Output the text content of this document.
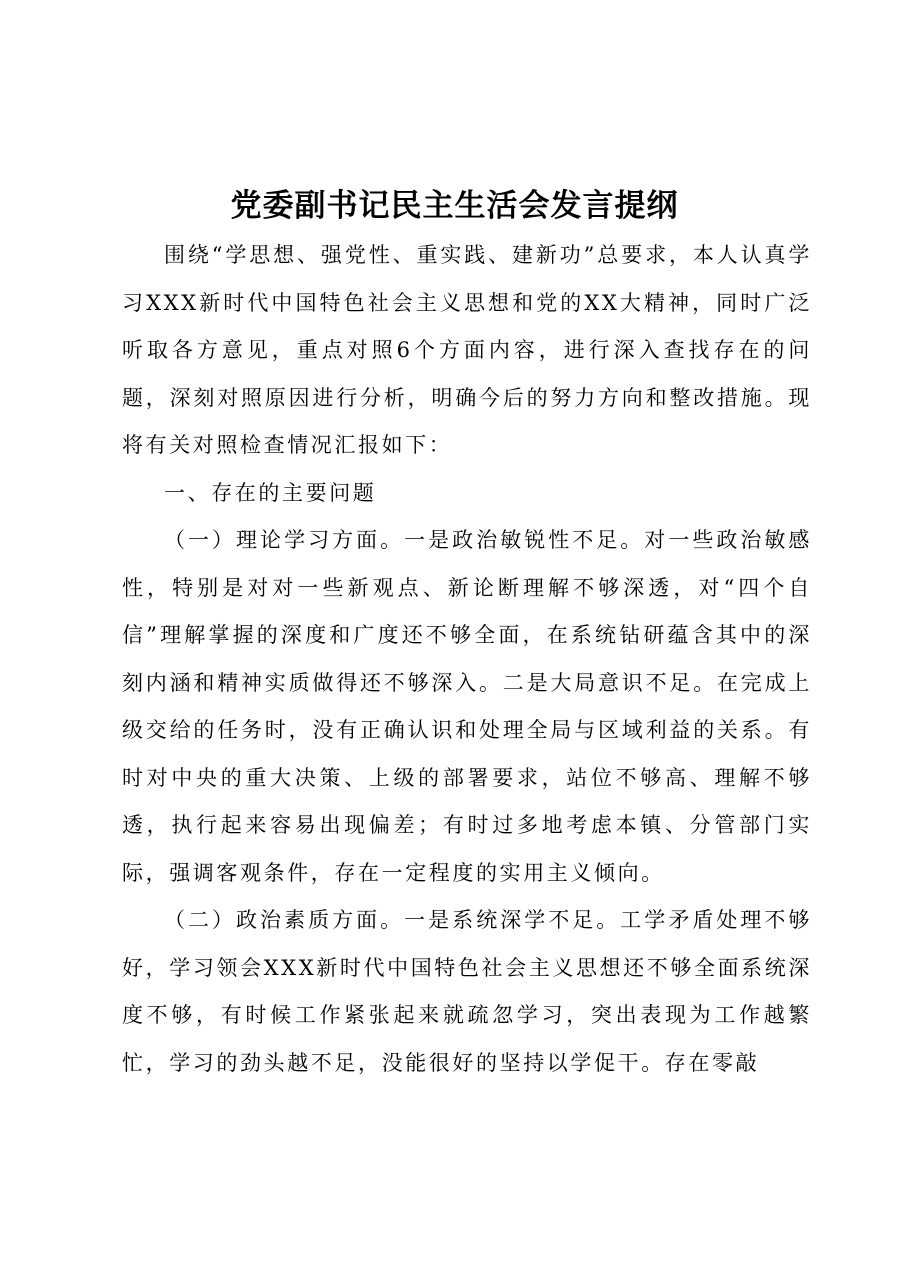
党委副书记民主生活会发言提纲

围绕“学思想、强党性、重实践、建新功”总要求，本人认真学习XXX新时代中国特色社会主义思想和党的XX大精神，同时广泛听取各方意见，重点对照6个方面内容，进行深入查找存在的问题，深刻对照原因进行分析，明确今后的努力方向和整改措施。现将有关对照检查情况汇报如下：

一、存在的主要问题

（一）理论学习方面。一是政治敏锐性不足。对一些政治敏感性，特别是对对一些新观点、新论断理解不够深透，对“四个自信”理解掌握的深度和广度还不够全面，在系统钻研蕴含其中的深刻内涵和精神实质做得还不够深入。二是大局意识不足。在完成上级交给的任务时，没有正确认识和处理全局与区域利益的关系。有时对中央的重大决策、上级的部署要求，站位不够高、理解不够透，执行起来容易出现偏差；有时过多地考虑本镇、分管部门实际，强调客观条件，存在一定程度的实用主义倾向。

（二）政治素质方面。一是系统深学不足。工学矛盾处理不够好，学习领会XXX新时代中国特色社会主义思想还不够全面系统深度不够，有时候工作紧张起来就疏忽学习，突出表现为工作越繁忙，学习的劲头越不足，没能很好的坚持以学促干。存在零敲
